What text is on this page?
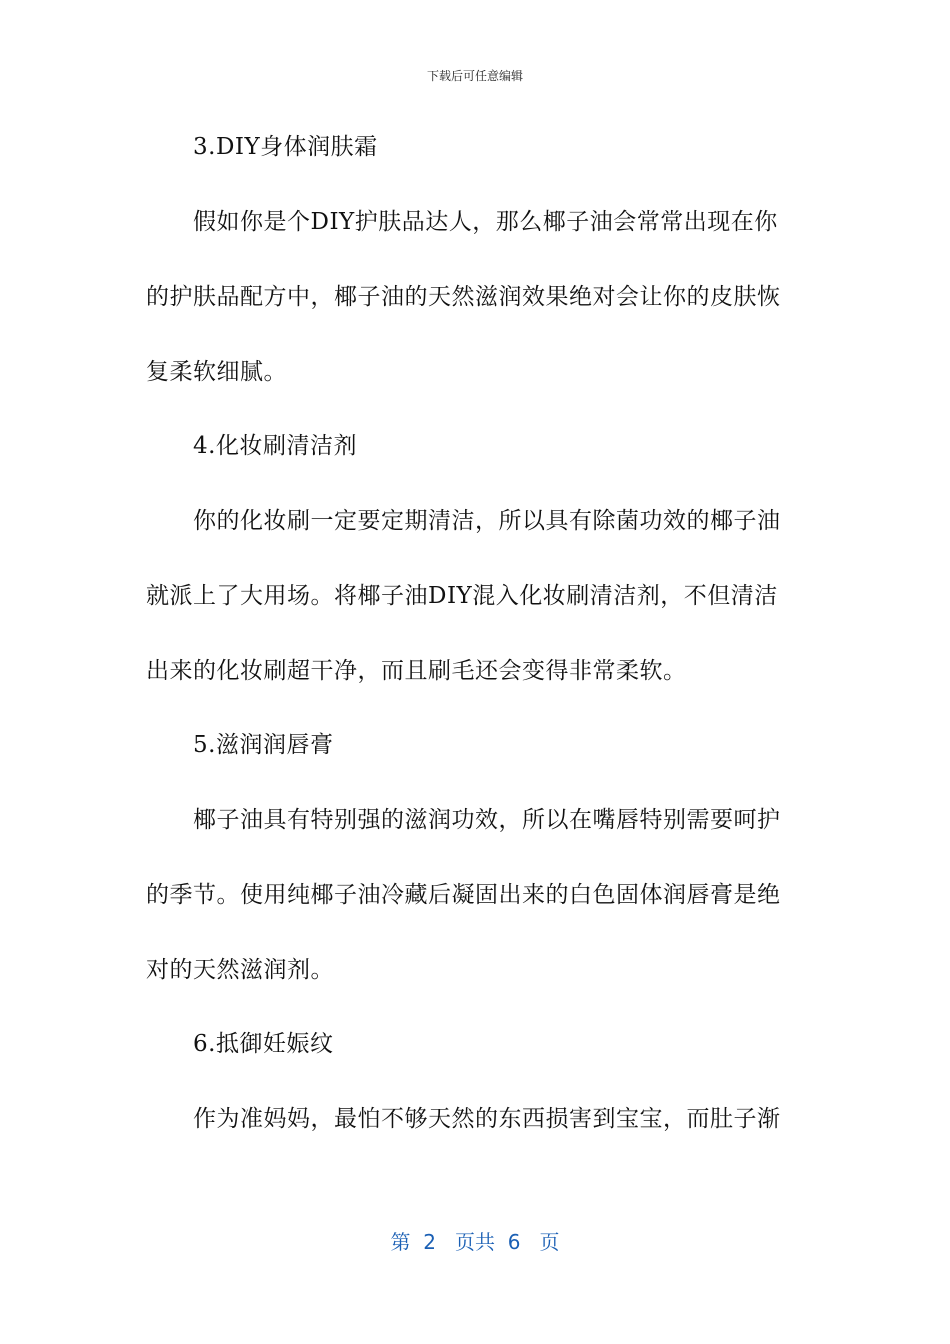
下载后可任意编辑
3.DIY身体润肤霜
假如你是个DIY护肤品达人，那么椰子油会常常出现在你
的护肤品配方中，椰子油的天然滋润效果绝对会让你的皮肤恢
复柔软细腻。
4.化妆刷清洁剂
你的化妆刷一定要定期清洁，所以具有除菌功效的椰子油
就派上了大用场。将椰子油DIY混入化妆刷清洁剂，不但清洁
出来的化妆刷超干净，而且刷毛还会变得非常柔软。
5.滋润润唇膏
椰子油具有特别强的滋润功效，所以在嘴唇特别需要呵护
的季节。使用纯椰子油冷藏后凝固出来的白色固体润唇膏是绝
对的天然滋润剂。
6.抵御妊娠纹
作为准妈妈，最怕不够天然的东西损害到宝宝，而肚子渐
第  2   页共  6   页
